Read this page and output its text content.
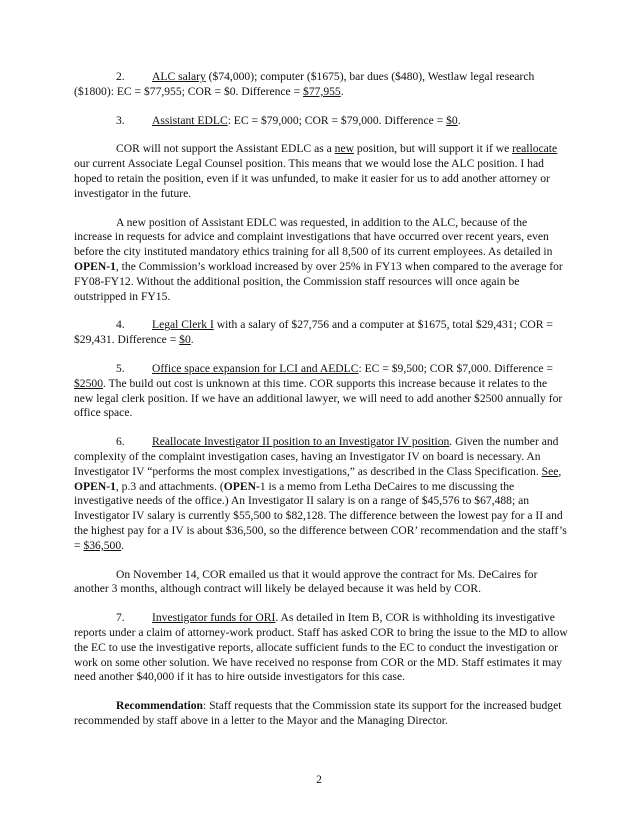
2. ALC salary ($74,000); computer ($1675), bar dues ($480), Westlaw legal research ($1800): EC = $77,955; COR = $0. Difference = $77,955.

3. Assistant EDLC: EC = $79,000; COR = $79,000. Difference = $0.

COR will not support the Assistant EDLC as a new position, but will support it if we reallocate our current Associate Legal Counsel position. This means that we would lose the ALC position. I had hoped to retain the position, even if it was unfunded, to make it easier for us to add another attorney or investigator in the future.

A new position of Assistant EDLC was requested, in addition to the ALC, because of the increase in requests for advice and complaint investigations that have occurred over recent years, even before the city instituted mandatory ethics training for all 8,500 of its current employees. As detailed in OPEN-1, the Commission’s workload increased by over 25% in FY13 when compared to the average for FY08-FY12. Without the additional position, the Commission staff resources will once again be outstripped in FY15.

4. Legal Clerk I with a salary of $27,756 and a computer at $1675, total $29,431; COR = $29,431. Difference = $0.

5. Office space expansion for LCI and AEDLC: EC = $9,500; COR $7,000. Difference = $2500. The build out cost is unknown at this time. COR supports this increase because it relates to the new legal clerk position. If we have an additional lawyer, we will need to add another $2500 annually for office space.

6. Reallocate Investigator II position to an Investigator IV position. Given the number and complexity of the complaint investigation cases, having an Investigator IV on board is necessary. An Investigator IV “performs the most complex investigations,” as described in the Class Specification. See, OPEN-1, p.3 and attachments. (OPEN-1 is a memo from Letha DeCaires to me discussing the investigative needs of the office.) An Investigator II salary is on a range of $45,576 to $67,488; an Investigator IV salary is currently $55,500 to $82,128. The difference between the lowest pay for a II and the highest pay for a IV is about $36,500, so the difference between COR’ recommendation and the staff’s = $36,500.

On November 14, COR emailed us that it would approve the contract for Ms. DeCaires for another 3 months, although contract will likely be delayed because it was held by COR.

7. Investigator funds for ORI. As detailed in Item B, COR is withholding its investigative reports under a claim of attorney-work product. Staff has asked COR to bring the issue to the MD to allow the EC to use the investigative reports, allocate sufficient funds to the EC to conduct the investigation or work on some other solution. We have received no response from COR or the MD. Staff estimates it may need another $40,000 if it has to hire outside investigators for this case.

Recommendation: Staff requests that the Commission state its support for the increased budget recommended by staff above in a letter to the Mayor and the Managing Director.

2
